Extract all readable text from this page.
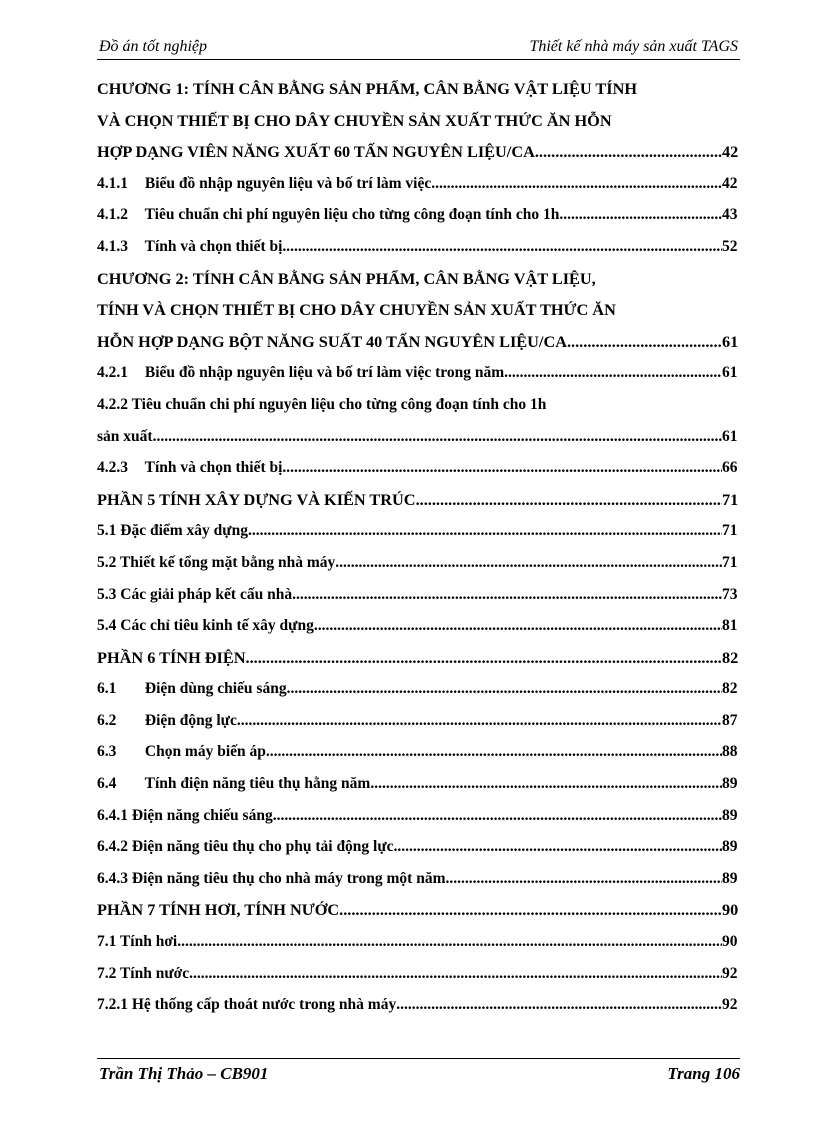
Đồ án tốt nghiệp	Thiết kế nhà máy sản xuất TAGS
CHƯƠNG 1: TÍNH CÂN BẰNG SẢN PHẨM, CÂN BẰNG VẬT LIỆU TÍNH
VÀ CHỌN THIẾT BỊ CHO DÂY CHUYỀN SẢN XUẤT THỨC ĂN HỖN
HỢP DẠNG VIÊN NĂNG XUẤT 60 TẤN NGUYÊN LIỆU/CA .....	42
4.1.1 Biểu đồ nhập nguyên liệu và bố trí làm việc .....	42
4.1.2 Tiêu chuẩn chi phí nguyên liệu cho từng công đoạn tính cho 1h .....	43
4.1.3 Tính và chọn thiết bị .....	52
CHƯƠNG 2: TÍNH CÂN BẰNG SẢN PHẨM, CÂN BẰNG VẬT LIỆU,
TÍNH VÀ CHỌN THIẾT BỊ CHO DÂY CHUYỀN SẢN XUẤT THỨC ĂN
HỖN HỢP DẠNG BỘT NĂNG SUẤT 40 TẤN NGUYÊN LIỆU/CA .....	61
4.2.1 Biểu đồ nhập nguyên liệu và bố trí làm việc trong năm .....	61
4.2.2 Tiêu chuẩn chi phí nguyên liệu cho từng công đoạn tính cho 1h
sản xuất .....	61
4.2.3 Tính và chọn thiết bị .....	66
PHẦN 5 TÍNH XÂY DỰNG VÀ KIẾN TRÚC .....	71
5.1 Đặc điểm xây dựng .....	71
5.2 Thiết kế tổng mặt bằng nhà máy .....	71
5.3 Các giải pháp kết cấu nhà .....	73
5.4 Các chỉ tiêu kinh tế xây dựng .....	81
PHẦN 6 TÍNH ĐIỆN .....	82
6.1 Điện dùng chiếu sáng .....	82
6.2 Điện động lực .....	87
6.3 Chọn máy biến áp .....	88
6.4 Tính điện năng tiêu thụ hằng năm .....	89
6.4.1 Điện năng chiếu sáng .....	89
6.4.2 Điện năng tiêu thụ cho phụ tải động lực .....	89
6.4.3 Điện năng tiêu thụ cho nhà máy trong một năm .....	89
PHẦN 7 TÍNH HƠI, TÍNH NƯỚC .....	90
7.1 Tính hơi .....	90
7.2 Tính nước .....	92
7.2.1 Hệ thống cấp thoát nước trong nhà máy .....	92
Trần Thị Thảo – CB901	Trang 106
